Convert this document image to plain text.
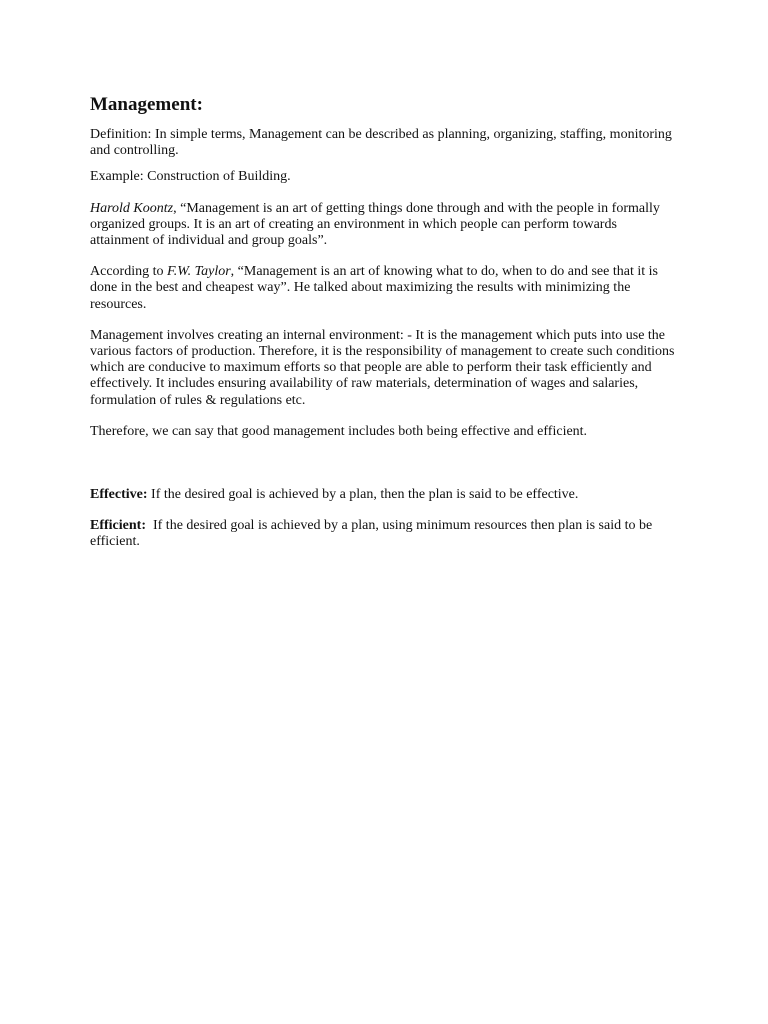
Management:

Definition: In simple terms, Management can be described as planning, organizing, staffing, monitoring and controlling.

Example: Construction of Building.

Harold Koontz, “Management is an art of getting things done through and with the people in formally organized groups. It is an art of creating an environment in which people can perform towards attainment of individual and group goals”.

According to F.W. Taylor, “Management is an art of knowing what to do, when to do and see that it is done in the best and cheapest way”. He talked about maximizing the results with minimizing the resources.

Management involves creating an internal environment: - It is the management which puts into use the various factors of production. Therefore, it is the responsibility of management to create such conditions which are conducive to maximum efforts so that people are able to perform their task efficiently and effectively. It includes ensuring availability of raw materials, determination of wages and salaries, formulation of rules & regulations etc.

Therefore, we can say that good management includes both being effective and efficient.

Effective: If the desired goal is achieved by a plan, then the plan is said to be effective.

Efficient:  If the desired goal is achieved by a plan, using minimum resources then plan is said to be efficient.
